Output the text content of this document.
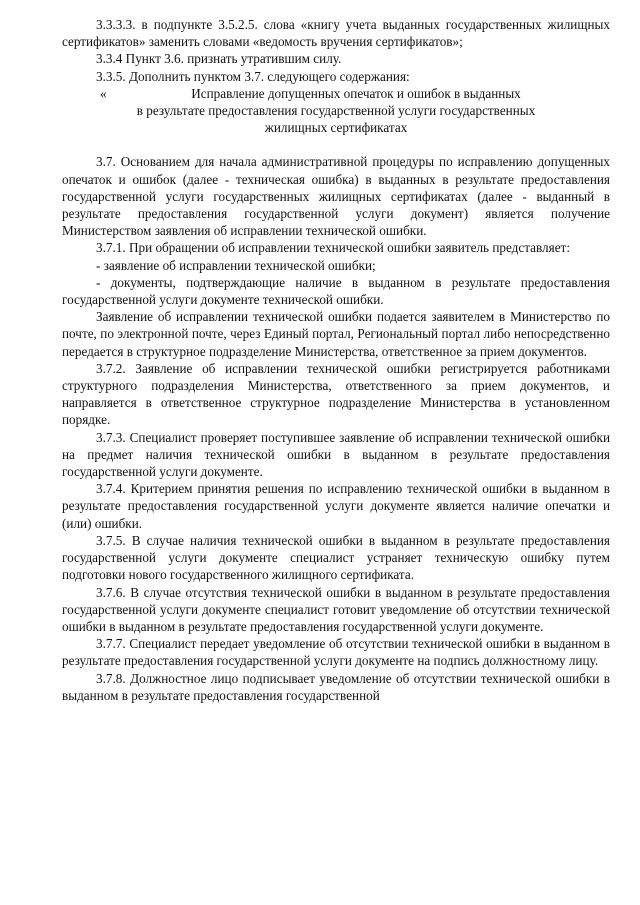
3.3.3.3. в подпункте 3.5.2.5. слова «книгу учета выданных государственных жилищных сертификатов» заменить словами «ведомость вручения сертификатов»;

3.3.4 Пункт 3.6. признать утратившим силу.

3.3.5. Дополнить пунктом 3.7. следующего содержания:

«	Исправление допущенных опечаток и ошибок в выданных

в результате предоставления государственной услуги государственных

жилищных сертификатах

3.7. Основанием для начала административной процедуры по исправлению допущенных опечаток и ошибок (далее - техническая ошибка) в выданных в результате предоставления государственной услуги государственных жилищных сертификатах (далее - выданный в результате предоставления государственной услуги документ) является получение Министерством заявления об исправлении технической ошибки.

3.7.1. При обращении об исправлении технической ошибки заявитель представляет:

- заявление об исправлении технической ошибки;

- документы, подтверждающие наличие в выданном в результате предоставления государственной услуги документе технической ошибки.

Заявление об исправлении технической ошибки подается заявителем в Министерство по почте, по электронной почте, через Единый портал, Региональный портал либо непосредственно передается в структурное подразделение Министерства, ответственное за прием документов.

3.7.2. Заявление об исправлении технической ошибки регистрируется работниками структурного подразделения Министерства, ответственного за прием документов, и направляется в ответственное структурное подразделение Министерства в установленном порядке.

3.7.3. Специалист проверяет поступившее заявление об исправлении технической ошибки на предмет наличия технической ошибки в выданном в результате предоставления государственной услуги документе.

3.7.4. Критерием принятия решения по исправлению технической ошибки в выданном в результате предоставления государственной услуги документе является наличие опечатки и (или) ошибки.

3.7.5. В случае наличия технической ошибки в выданном в результате предоставления государственной услуги документе специалист устраняет техническую ошибку путем подготовки нового государственного жилищного сертификата.

3.7.6. В случае отсутствия технической ошибки в выданном в результате предоставления государственной услуги документе специалист готовит уведомление об отсутствии технической ошибки в выданном в результате предоставления государственной услуги документе.

3.7.7. Специалист передает уведомление об отсутствии технической ошибки в выданном в результате предоставления государственной услуги документе на подпись должностному лицу.

3.7.8. Должностное лицо подписывает уведомление об отсутствии технической ошибки в выданном в результате предоставления государственной
